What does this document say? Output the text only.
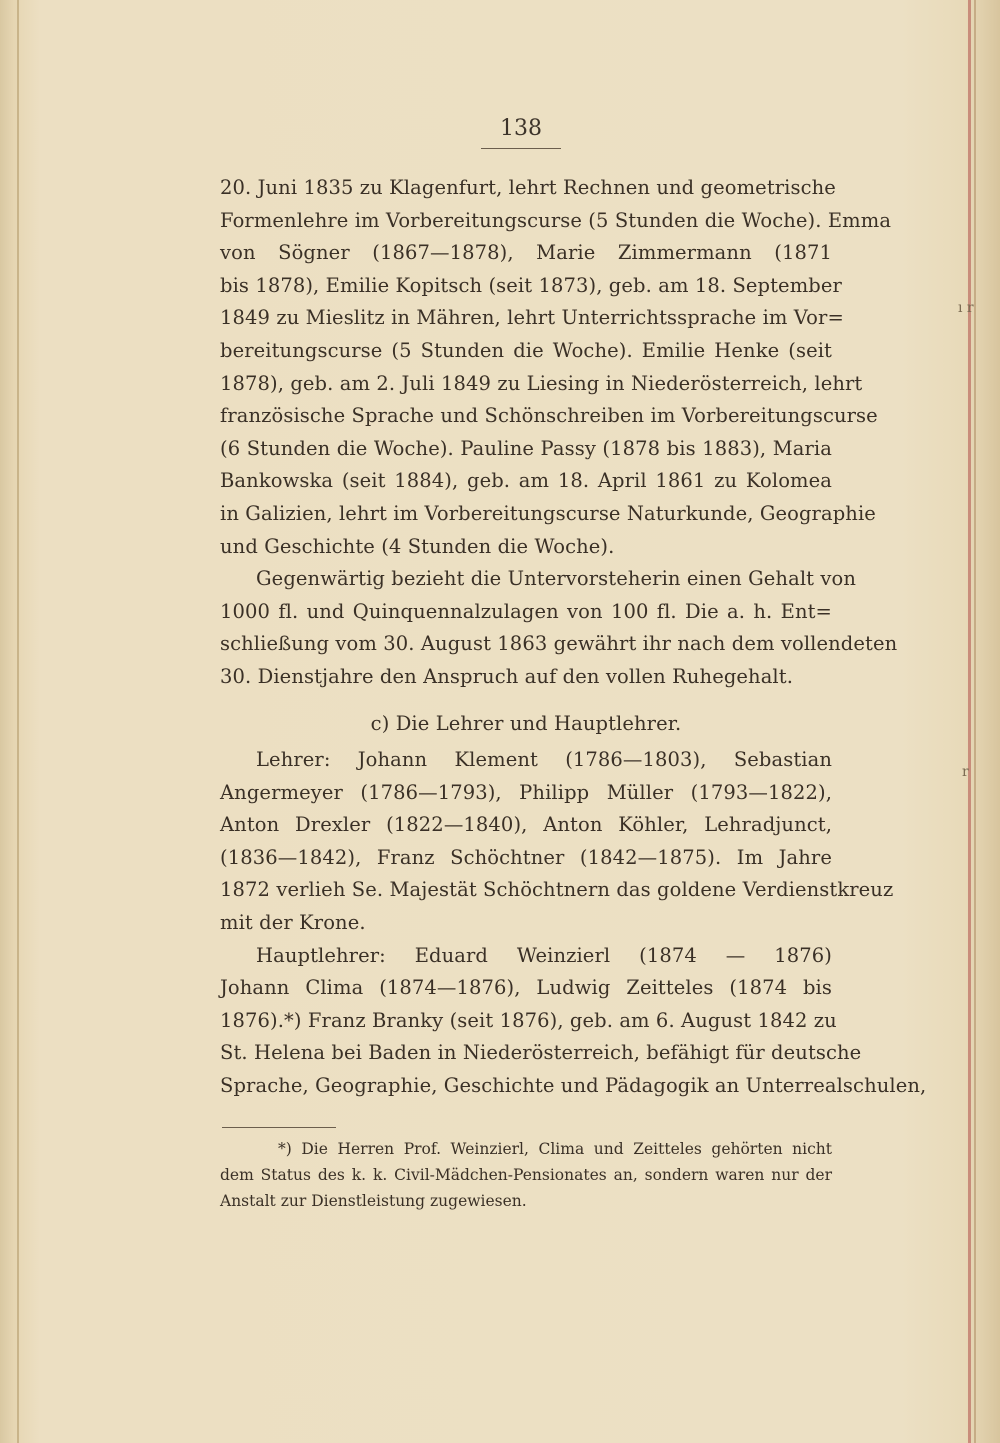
138
20. Juni 1835 zu Klagenfurt, lehrt Rechnen und geometrische
Formenlehre im Vorbereitungscurse (5 Stunden die Woche). Emma
von Sögner (1867—1878), Marie Zimmermann (1871
bis 1878), Emilie Kopitsch (seit 1873), geb. am 18. September
1849 zu Mieslitz in Mähren, lehrt Unterrichtssprache im Vor=
bereitungscurse (5 Stunden die Woche). Emilie Henke (seit
1878), geb. am 2. Juli 1849 zu Liesing in Niederösterreich, lehrt
französische Sprache und Schönschreiben im Vorbereitungscurse
(6 Stunden die Woche). Pauline Passy (1878 bis 1883), Maria
Bankowska (seit 1884), geb. am 18. April 1861 zu Kolomea
in Galizien, lehrt im Vorbereitungscurse Naturkunde, Geographie
und Geschichte (4 Stunden die Woche).
Gegenwärtig bezieht die Untervorsteherin einen Gehalt von
1000 fl. und Quinquennalzulagen von 100 fl. Die a. h. Ent=
schließung vom 30. August 1863 gewährt ihr nach dem vollendeten
30. Dienstjahre den Anspruch auf den vollen Ruhegehalt.
c) Die Lehrer und Hauptlehrer.
Lehrer: Johann Klement (1786—1803), Sebastian
Angermeyer (1786—1793), Philipp Müller (1793—1822),
Anton Drexler (1822—1840), Anton Köhler, Lehradjunct,
(1836—1842), Franz Schöchtner (1842—1875). Im Jahre
1872 verlieh Se. Majestät Schöchtnern das goldene Verdienstkreuz
mit der Krone.
Hauptlehrer: Eduard Weinzierl (1874 — 1876)
Johann Clima (1874—1876), Ludwig Zeitteles (1874 bis
1876).*) Franz Branky (seit 1876), geb. am 6. August 1842 zu
St. Helena bei Baden in Niederösterreich, befähigt für deutsche
Sprache, Geographie, Geschichte und Pädagogik an Unterrealschulen,
*) Die Herren Prof. Weinzierl, Clima und Zeitteles gehörten nicht
dem Status des k. k. Civil-Mädchen-Pensionates an, sondern waren nur der
Anstalt zur Dienstleistung zugewiesen.
ı r
r
